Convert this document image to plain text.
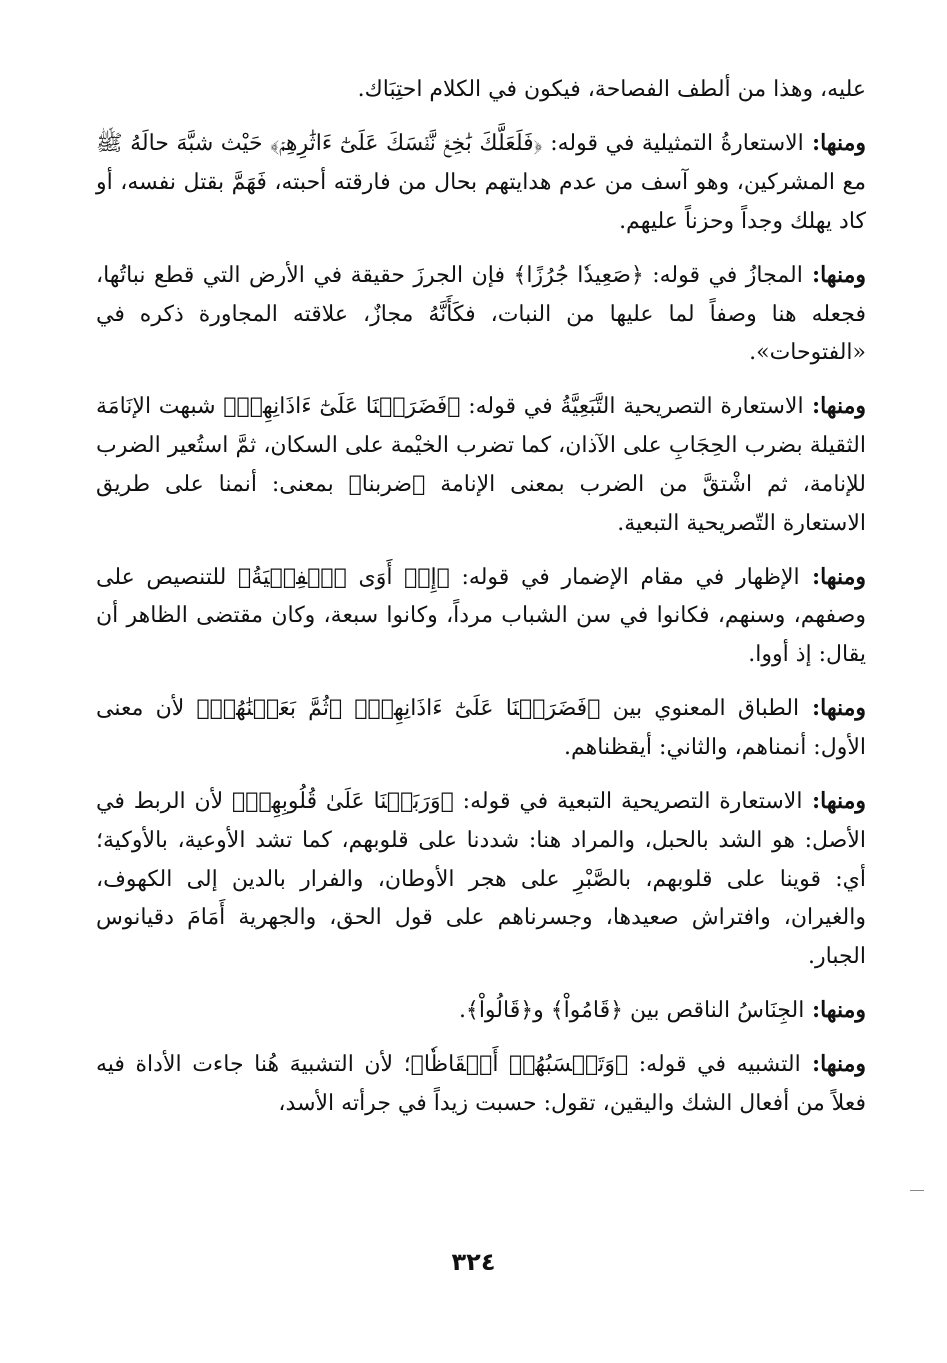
عليه، وهذا من ألطف الفصاحة، فيكون في الكلام احتِبَاك.

ومنها: الاستعارةُ التمثيلية في قوله: ﴿فَلَعَلَّكَ بَٰخِعٞ نَّفۡسَكَ عَلَىٰٓ ءَاثَٰرِهِمۡ﴾ حَيْث شبَّهَ حالَهُ ﷺ مع المشركين، وهو آسف من عدم هدايتهم بحال من فارقته أحبته، فَهَمَّ بقتل نفسه، أو كاد يهلك وجداً وحزناً عليهم.

ومنها: المجازُ في قوله: ﴿صَعِيدٗا جُرُزًا﴾ فإن الجرزَ حقيقة في الأرض التي قطع نباتُها، فجعله هنا وصفاً لما عليها من النبات، فكَأَنَّهُ مجازٌ، علاقته المجاورة ذكره في «الفتوحات».

ومنها: الاستعارة التصريحية التَّبَعِيَّةُ في قوله: ﴿فَضَرَبۡنَا عَلَىٰٓ ءَاذَانِهِمۡ﴾ شبهت الإنَامَة الثقيلة بضرب الحِجَابِ على الآذان، كما تضرب الخيْمة على السكان، ثمَّ استُعير الضرب للإنامة، ثم اشْتقَّ من الضرب بمعنى الإنامة ﴿ضربنا﴾ بمعنى: أنمنا على طريق الاستعارة التّصريحية التبعية.

ومنها: الإظهار في مقام الإضمار في قوله: ﴿إِذۡ أَوَى ٱلۡفِتۡيَةُ﴾ للتنصيص على وصفهم، وسنهم، فكانوا في سن الشباب مرداً، وكانوا سبعة، وكان مقتضى الظاهر أن يقال: إذ أووا.

ومنها: الطباق المعنوي بين ﴿فَضَرَبۡنَا عَلَىٰٓ ءَاذَانِهِمۡ﴾ ﴿ثُمَّ بَعَثۡنَٰهُمۡ﴾ لأن معنى الأول: أنمناهم، والثاني: أيقظناهم.

ومنها: الاستعارة التصريحية التبعية في قوله: ﴿وَرَبَطۡنَا عَلَىٰ قُلُوبِهِمۡ﴾ لأن الربط في الأصل: هو الشد بالحبل، والمراد هنا: شددنا على قلوبهم، كما تشد الأوعية، بالأوكية؛ أي: قوينا على قلوبهم، بالصَّبْرِ على هجر الأوطان، والفرار بالدين إلى الكهوف، والغيران، وافتراش صعيدها، وجسرناهم على قول الحق، والجهرية أَمَامَ دقيانوس الجبار.

ومنها: الجِنَاسُ الناقص بين ﴿قَامُواْ﴾ و﴿قَالُواْ﴾.

ومنها: التشبيه في قوله: ﴿وَتَحۡسَبُهُمۡ أَيۡقَاظٗا﴾؛ لأن التشبيهَ هُنا جاءت الأداة فيه فعلاً من أفعال الشك واليقين، تقول: حسبت زيداً في جرأته الأسد،

٣٢٤
